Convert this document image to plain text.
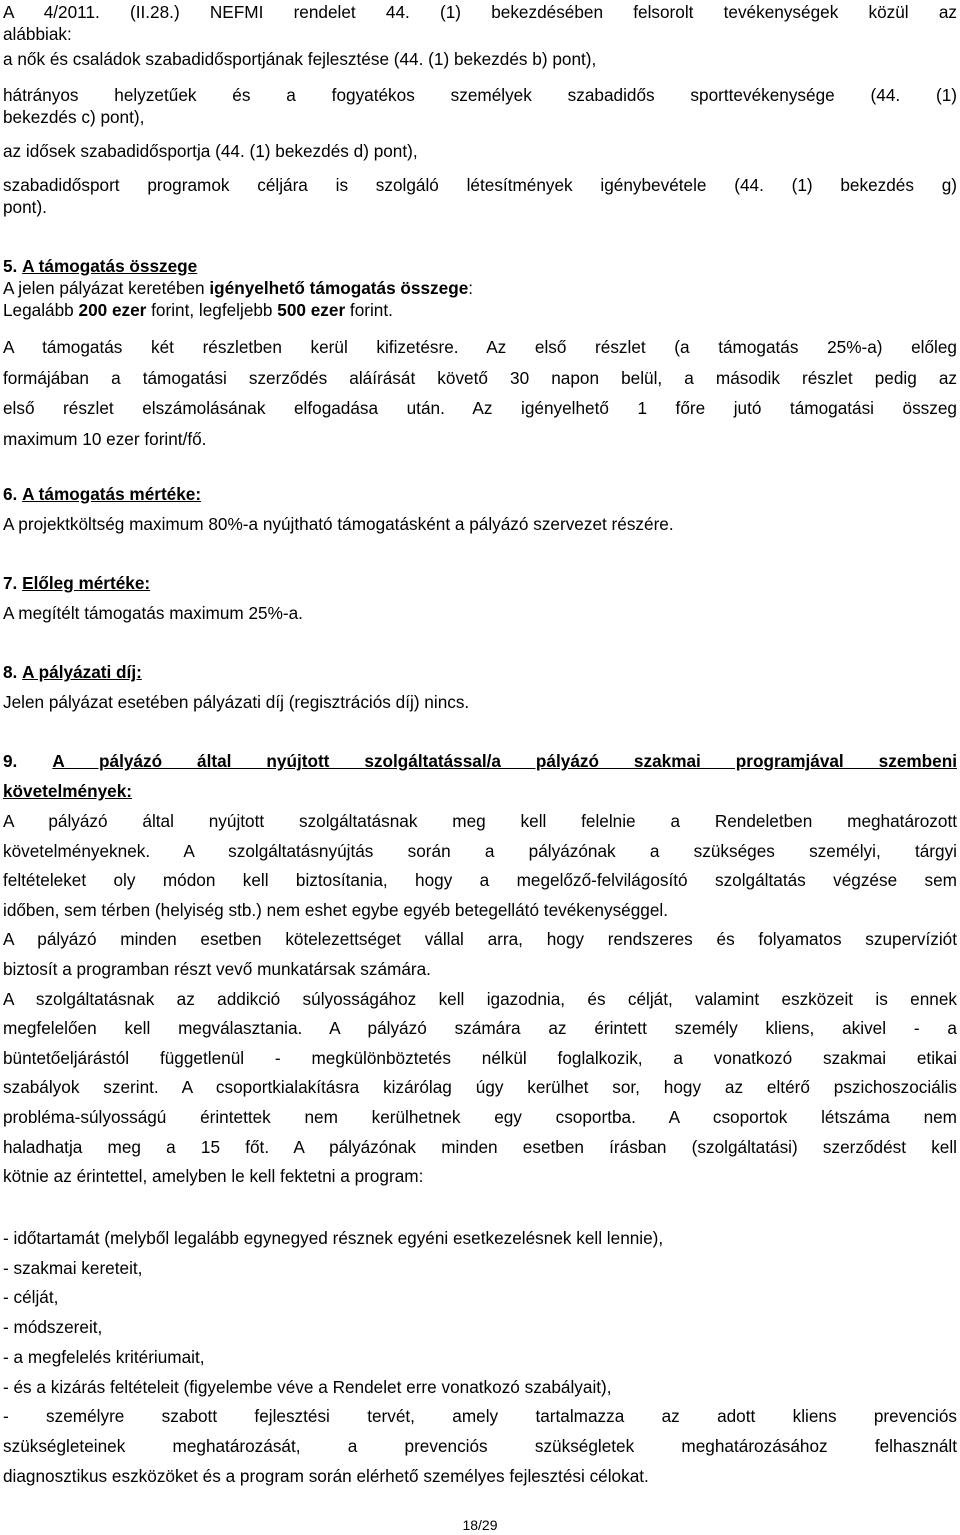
A 4/2011. (II.28.) NEFMI rendelet 44. (1) bekezdésében felsorolt tevékenységek közül az
alábbiak:
a nők és családok szabadidősportjának fejlesztése (44. (1) bekezdés b) pont),
hátrányos helyzetűek és a fogyatékos személyek szabadidős sporttevékenysége (44. (1)
bekezdés c) pont),
az idősek szabadidősportja (44. (1) bekezdés d) pont),
szabadidősport programok céljára is szolgáló létesítmények igénybevétele (44. (1) bekezdés g)
pont).
5. A támogatás összege
A jelen pályázat keretében igényelhető támogatás összege:
Legalább 200 ezer forint, legfeljebb 500 ezer forint.
A támogatás két részletben kerül kifizetésre. Az első részlet (a támogatás 25%-a) előleg
formájában a támogatási szerződés aláírását követő 30 napon belül, a második részlet pedig az
első részlet elszámolásának elfogadása után. Az igényelhető 1 főre jutó támogatási összeg
maximum 10 ezer forint/fő.
6. A támogatás mértéke:
A projektköltség maximum 80%-a nyújtható támogatásként a pályázó szervezet részére.
7. Előleg mértéke:
A megítélt támogatás maximum 25%-a.
8. A pályázati díj:
Jelen pályázat esetében pályázati díj (regisztrációs díj) nincs.
9. A pályázó által nyújtott szolgáltatással/a pályázó szakmai programjával szembeni
követelmények:
A pályázó által nyújtott szolgáltatásnak meg kell felelnie a Rendeletben meghatározott
követelményeknek. A szolgáltatásnyújtás során a pályázónak a szükséges személyi, tárgyi
feltételeket oly módon kell biztosítania, hogy a megelőző-felvilágosító szolgáltatás végzése sem
időben, sem térben (helyiség stb.) nem eshet egybe egyéb betegellátó tevékenységgel.
A pályázó minden esetben kötelezettséget vállal arra, hogy rendszeres és folyamatos szupervíziót
biztosít a programban részt vevő munkatársak számára.
A szolgáltatásnak az addikció súlyosságához kell igazodnia, és célját, valamint eszközeit is ennek
megfelelően kell megválasztania. A pályázó számára az érintett személy kliens, akivel - a
büntetőeljárástól függetlenül - megkülönböztetés nélkül foglalkozik, a vonatkozó szakmai etikai
szabályok szerint. A csoportkialakításra kizárólag úgy kerülhet sor, hogy az eltérő pszichoszociális
probléma-súlyosságú érintettek nem kerülhetnek egy csoportba. A csoportok létszáma nem
haladhatja meg a 15 főt. A pályázónak minden esetben írásban (szolgáltatási) szerződést kell
kötnie az érintettel, amelyben le kell fektetni a program:
- időtartamát (melyből legalább egynegyed résznek egyéni esetkezelésnek kell lennie),
- szakmai kereteit,
- célját,
- módszereit,
- a megfelelés kritériumait,
- és a kizárás feltételeit (figyelembe véve a Rendelet erre vonatkozó szabályait),
- személyre szabott fejlesztési tervét, amely tartalmazza az adott kliens prevenciós
szükségleteinek meghatározását, a prevenciós szükségletek meghatározásához felhasznált
diagnosztikus eszközöket és a program során elérhető személyes fejlesztési célokat.
18/29
